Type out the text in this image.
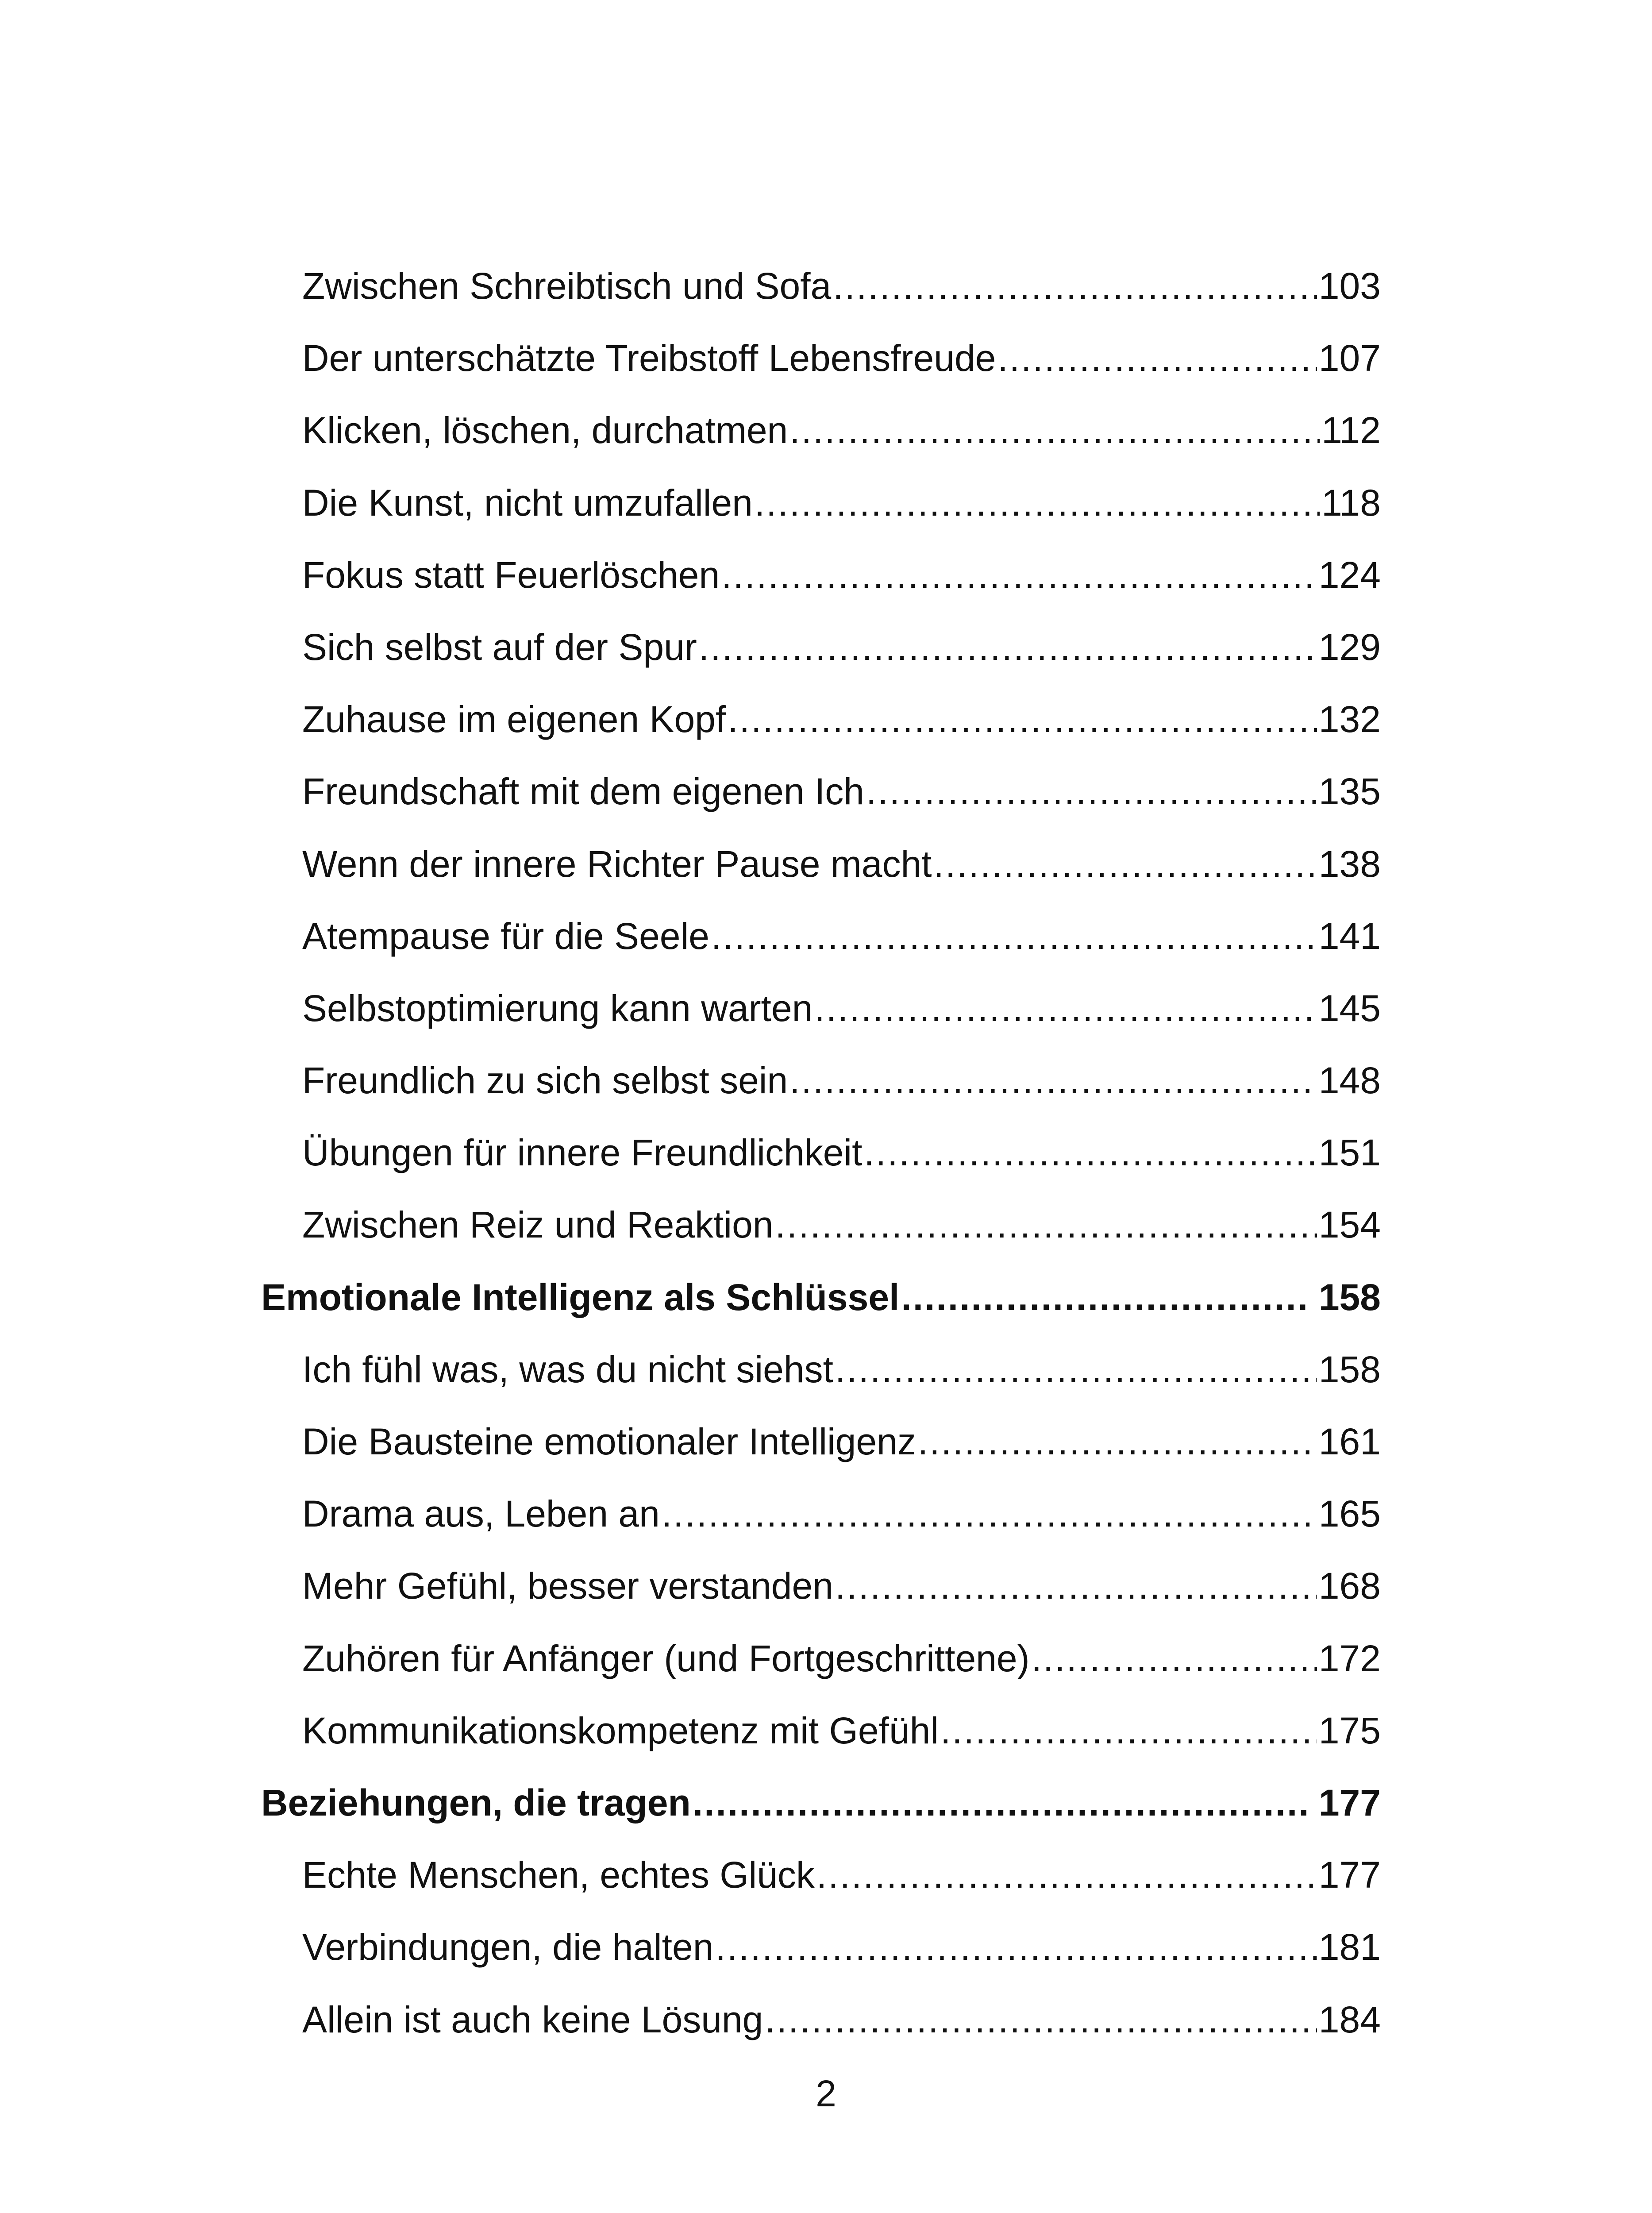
Zwischen Schreibtisch und Sofa .....	103
Der unterschätzte Treibstoff Lebensfreude .....	107
Klicken, löschen, durchatmen .....	112
Die Kunst, nicht umzufallen .....	118
Fokus statt Feuerlöschen .....	124
Sich selbst auf der Spur .....	129
Zuhause im eigenen Kopf .....	132
Freundschaft mit dem eigenen Ich .....	135
Wenn der innere Richter Pause macht .....	138
Atempause für die Seele .....	141
Selbstoptimierung kann warten .....	145
Freundlich zu sich selbst sein .....	148
Übungen für innere Freundlichkeit .....	151
Zwischen Reiz und Reaktion .....	154
Emotionale Intelligenz als Schlüssel .....	158
Ich fühl was, was du nicht siehst .....	158
Die Bausteine emotionaler Intelligenz .....	161
Drama aus, Leben an .....	165
Mehr Gefühl, besser verstanden .....	168
Zuhören für Anfänger (und Fortgeschrittene) .....	172
Kommunikationskompetenz mit Gefühl .....	175
Beziehungen, die tragen .....	177
Echte Menschen, echtes Glück .....	177
Verbindungen, die halten .....	181
Allein ist auch keine Lösung .....	184
2
